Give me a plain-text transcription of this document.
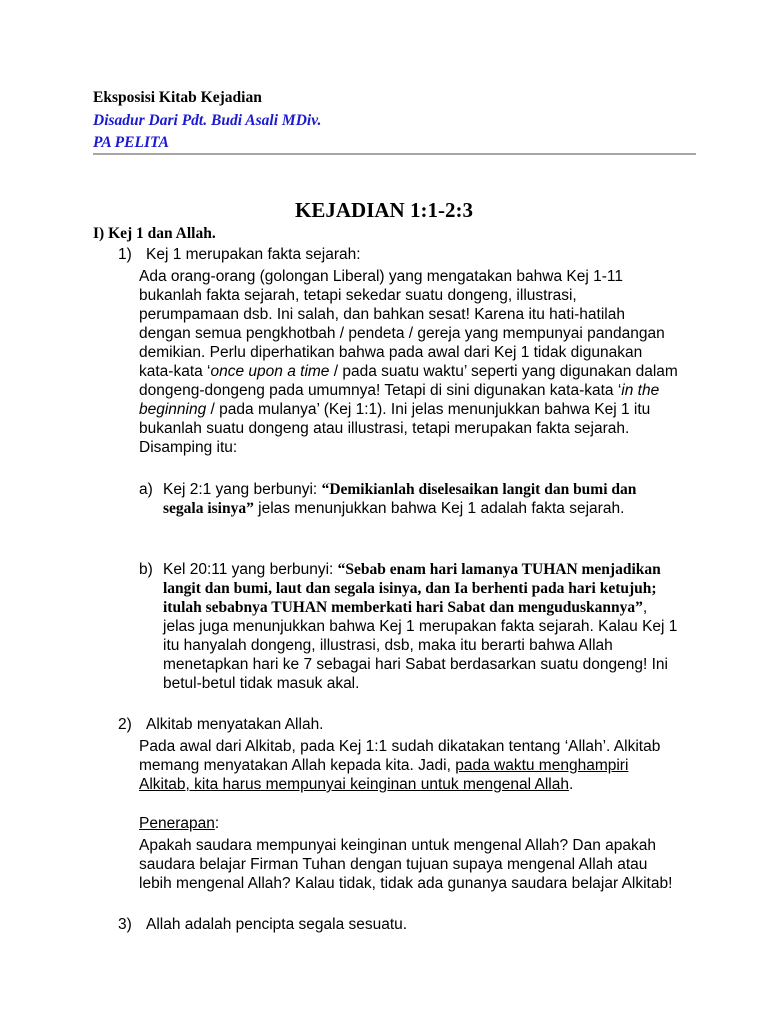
Eksposisi Kitab Kejadian
Disadur Dari Pdt. Budi Asali MDiv.
PA PELITA
KEJADIAN 1:1-2:3
I) Kej 1 dan Allah.
1) Kej 1 merupakan fakta sejarah:
Ada orang-orang (golongan Liberal) yang mengatakan bahwa Kej 1-11 bukanlah fakta sejarah, tetapi sekedar suatu dongeng, illustrasi, perumpamaan dsb. Ini salah, dan bahkan sesat! Karena itu hati-hatilah dengan semua pengkhotbah / pendeta / gereja yang mempunyai pandangan demikian. Perlu diperhatikan bahwa pada awal dari Kej 1 tidak digunakan kata-kata ‘once upon a time / pada suatu waktu’ seperti yang digunakan dalam dongeng-dongeng pada umumnya! Tetapi di sini digunakan kata-kata ‘in the beginning / pada mulanya’ (Kej 1:1). Ini jelas menunjukkan bahwa Kej 1 itu bukanlah suatu dongeng atau illustrasi, tetapi merupakan fakta sejarah. Disamping itu:
a) Kej 2:1 yang berbunyi: “Demikianlah diselesaikan langit dan bumi dan segala isinya” jelas menunjukkan bahwa Kej 1 adalah fakta sejarah.
b) Kel 20:11 yang berbunyi: “Sebab enam hari lamanya TUHAN menjadikan langit dan bumi, laut dan segala isinya, dan Ia berhenti pada hari ketujuh; itulah sebabnya TUHAN memberkati hari Sabat dan menguduskannya”, jelas juga menunjukkan bahwa Kej 1 merupakan fakta sejarah. Kalau Kej 1 itu hanyalah dongeng, illustrasi, dsb, maka itu berarti bahwa Allah menetapkan hari ke 7 sebagai hari Sabat berdasarkan suatu dongeng! Ini betul-betul tidak masuk akal.
2) Alkitab menyatakan Allah.
Pada awal dari Alkitab, pada Kej 1:1 sudah dikatakan tentang ‘Allah’. Alkitab memang menyatakan Allah kepada kita. Jadi, pada waktu menghampiri Alkitab, kita harus mempunyai keinginan untuk mengenal Allah.
Penerapan:
Apakah saudara mempunyai keinginan untuk mengenal Allah? Dan apakah saudara belajar Firman Tuhan dengan tujuan supaya mengenal Allah atau lebih mengenal Allah? Kalau tidak, tidak ada gunanya saudara belajar Alkitab!
3) Allah adalah pencipta segala sesuatu.
